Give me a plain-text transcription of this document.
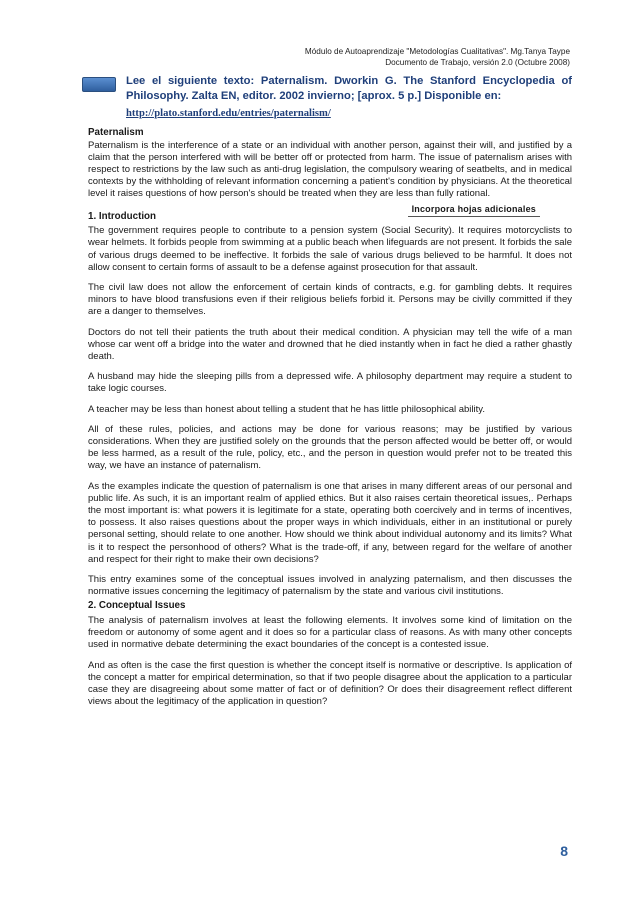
Módulo de Autoaprendizaje "Metodologías Cualitativas". Mg.Tanya Taype
Documento de Trabajo, versión 2.0 (Octubre 2008)
Lee el siguiente texto: Paternalism. Dworkin G. The Stanford Encyclopedia of Philosophy. Zalta EN, editor. 2002 invierno; [aprox. 5 p.] Disponible en:
http://plato.stanford.edu/entries/paternalism/
Paternalism

Paternalism is the interference of a state or an individual with another person, against their will, and justified by a claim that the person interfered with will be better off or protected from harm. The issue of paternalism arises with respect to restrictions by the law such as anti-drug legislation, the compulsory wearing of seatbelts, and in medical contexts by the withholding of relevant information concerning a patient's condition by physicians. At the theoretical level it raises questions of how person's should be treated when they are less than fully rational.

Incorpora hojas adicionales
1. Introduction

The government requires people to contribute to a pension system (Social Security). It requires motorcyclists to wear helmets. It forbids people from swimming at a public beach when lifeguards are not present. It forbids the sale of various drugs deemed to be ineffective. It forbids the sale of various drugs believed to be harmful. It does not allow consent to certain forms of assault to be a defense against prosecution for that assault.

The civil law does not allow the enforcement of certain kinds of contracts, e.g. for gambling debts. It requires minors to have blood transfusions even if their religious beliefs forbid it. Persons may be civilly committed if they are a danger to themselves.

Doctors do not tell their patients the truth about their medical condition. A physician may tell the wife of a man whose car went off a bridge into the water and drowned that he died instantly when in fact he died a rather ghastly death.

A husband may hide the sleeping pills from a depressed wife. A philosophy department may require a student to take logic courses.

A teacher may be less than honest about telling a student that he has little philosophical ability.

All of these rules, policies, and actions may be done for various reasons; may be justified by various considerations. When they are justified solely on the grounds that the person affected would be better off, or would be less harmed, as a result of the rule, policy, etc., and the person in question would prefer not to be treated this way, we have an instance of paternalism.

As the examples indicate the question of paternalism is one that arises in many different areas of our personal and public life. As such, it is an important realm of applied ethics. But it also raises certain theoretical issues,. Perhaps the most important is: what powers it is legitimate for a state, operating both coercively and in terms of incentives, to possess. It also raises questions about the proper ways in which individuals, either in an institutional or purely personal setting, should relate to one another. How should we think about individual autonomy and its limits? What is it to respect the personhood of others? What is the trade-off, if any, between regard for the welfare of another and respect for their right to make their own decisions?

This entry examines some of the conceptual issues involved in analyzing paternalism, and then discusses the normative issues concerning the legitimacy of paternalism by the state and various civil institutions.

2. Conceptual Issues

The analysis of paternalism involves at least the following elements. It involves some kind of limitation on the freedom or autonomy of some agent and it does so for a particular class of reasons. As with many other concepts used in normative debate determining the exact boundaries of the concept is a contested issue.

And as often is the case the first question is whether the concept itself is normative or descriptive. Is application of the concept a matter for empirical determination, so that if two people disagree about the application to a particular case they are disagreeing about some matter of fact or of definition? Or does their disagreement reflect different views about the legitimacy of the application in question?

8
